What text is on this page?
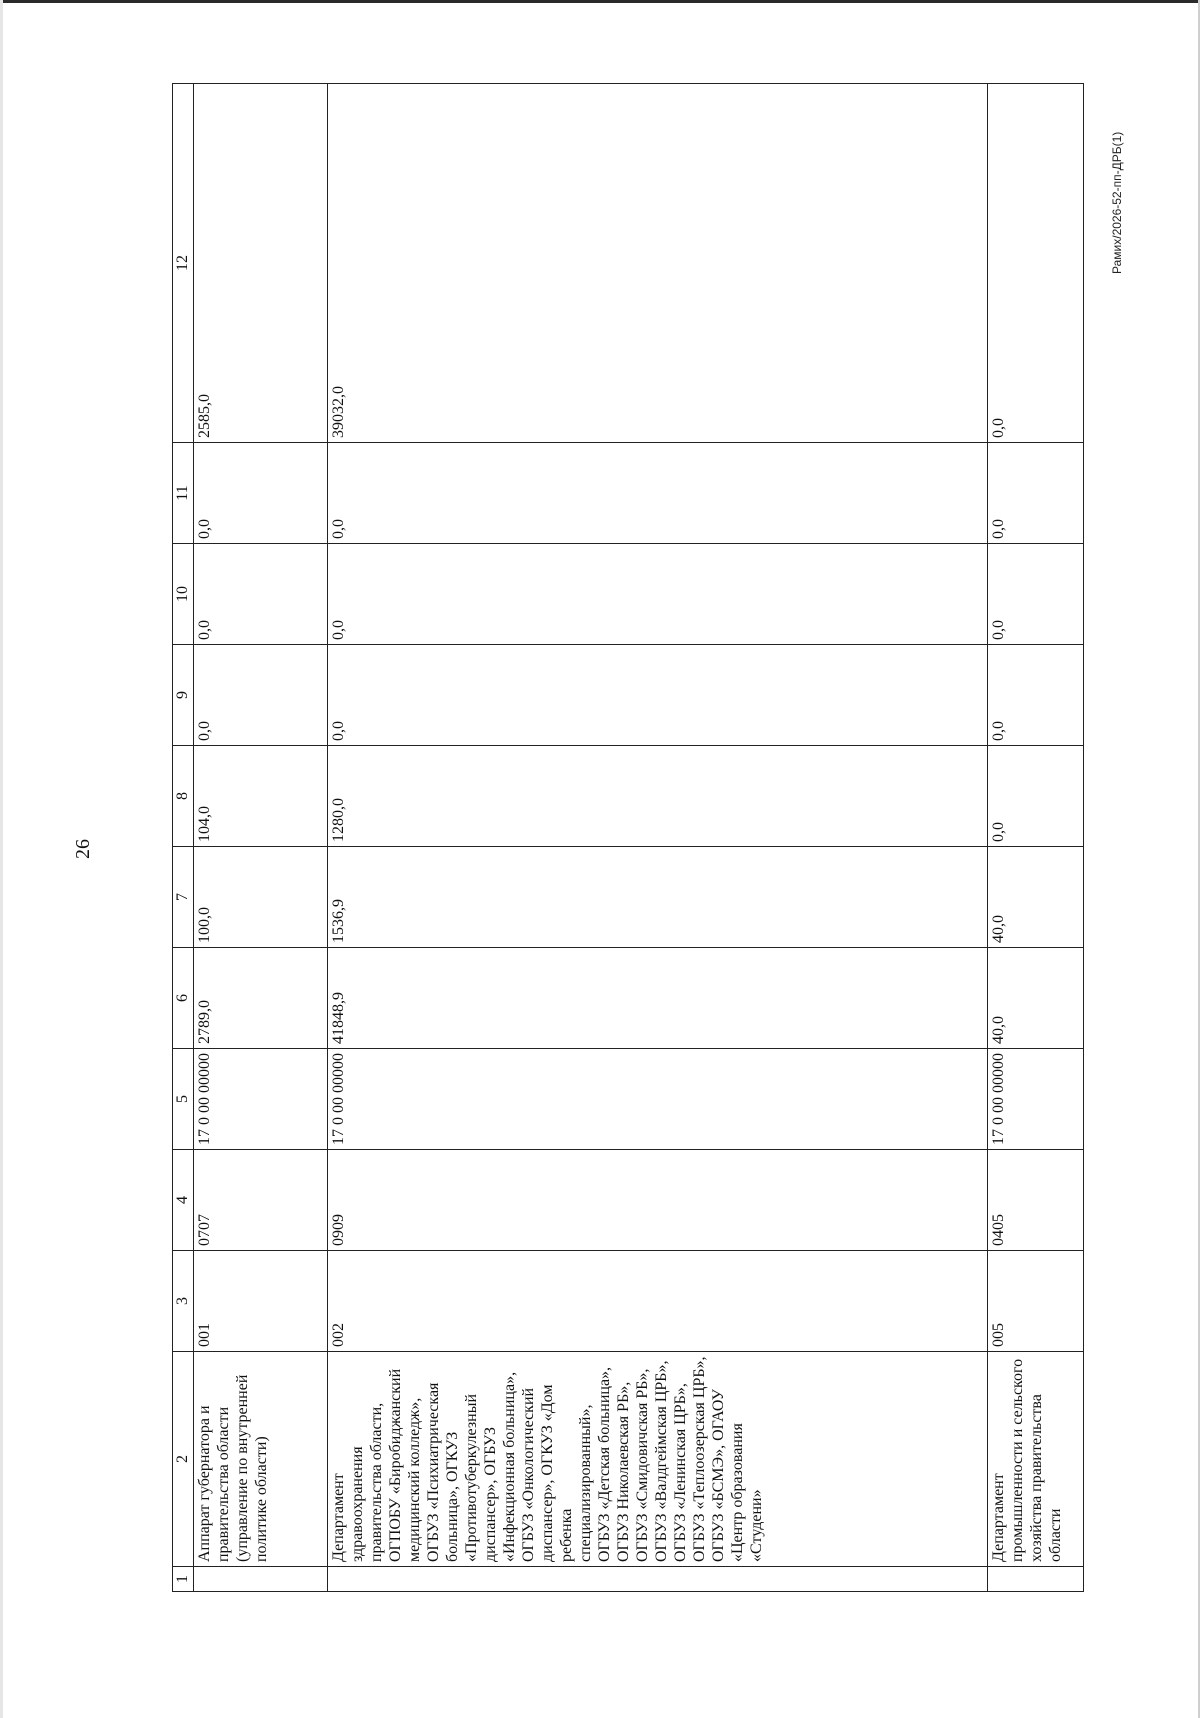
26
1	2	3	4	5	6	7	8	9	10	11	12
	Аппарат губернатора и правительства области (управление по внутренней политике области)	001	0707	17 0 00 00000	2789,0	100,0	104,0	0,0	0,0	0,0	2585,0
	Департамент здравоохранения правительства области, ОГПОБУ «Биробиджанский медицинский колледж», ОГБУЗ «Психиатрическая больница», ОГКУЗ «Противотуберкулезный диспансер», ОГБУЗ «Инфекционная больница», ОГБУЗ «Онкологический диспансер», ОГКУЗ «Дом ребенка специализированный», ОГБУЗ «Детская больница», ОГБУЗ Николаевская РБ», ОГБУЗ «Смидовичская РБ», ОГБУЗ «Валдгеймская ЦРБ», ОГБУЗ «Ленинская ЦРБ», ОГБУЗ «Теплоозерская ЦРБ», ОГБУЗ «БСМЭ», ОГАОУ «Центр образования «Студени»	002	0909	17 0 00 00000	41848,9	1536,9	1280,0	0,0	0,0	0,0	39032,0
	Департамент промышленности и сельского хозяйства правительства области	005	0405	17 0 00 00000	40,0	40,0	0,0	0,0	0,0	0,0	0,0
Рамих/2026-52-пп-ДРБ(1)
